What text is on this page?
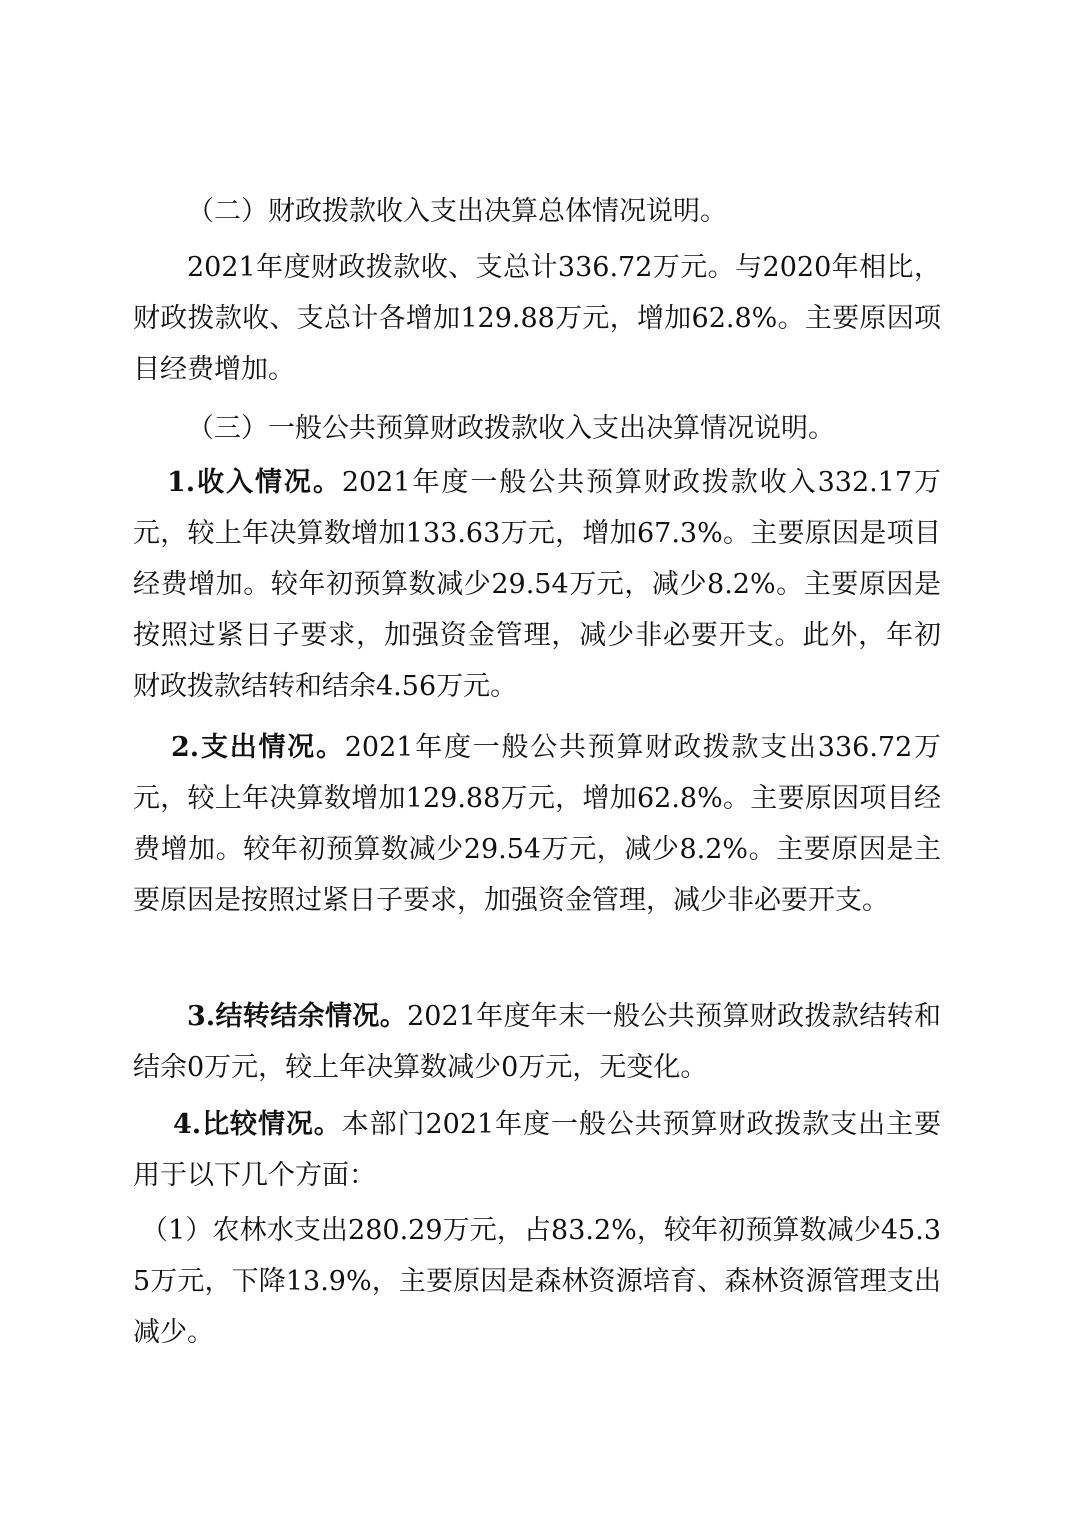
（二）财政拨款收入支出决算总体情况说明。

2021年度财政拨款收、支总计336.72万元。与2020年相比，财政拨款收、支总计各增加129.88万元，增加62.8%。主要原因项目经费增加。

（三）一般公共预算财政拨款收入支出决算情况说明。

1.收入情况。2021年度一般公共预算财政拨款收入332.17万元，较上年决算数增加133.63万元，增加67.3%。主要原因是项目经费增加。较年初预算数减少29.54万元，减少8.2%。主要原因是按照过紧日子要求，加强资金管理，减少非必要开支。此外，年初财政拨款结转和结余4.56万元。

2.支出情况。2021年度一般公共预算财政拨款支出336.72万元，较上年决算数增加129.88万元，增加62.8%。主要原因项目经费增加。较年初预算数减少29.54万元，减少8.2%。主要原因是主要原因是按照过紧日子要求，加强资金管理，减少非必要开支。

3.结转结余情况。2021年度年末一般公共预算财政拨款结转和结余0万元，较上年决算数减少0万元，无变化。

4.比较情况。本部门2021年度一般公共预算财政拨款支出主要用于以下几个方面：

（1）农林水支出280.29万元，占83.2%，较年初预算数减少45.35万元，下降13.9%，主要原因是森林资源培育、森林资源管理支出减少。
